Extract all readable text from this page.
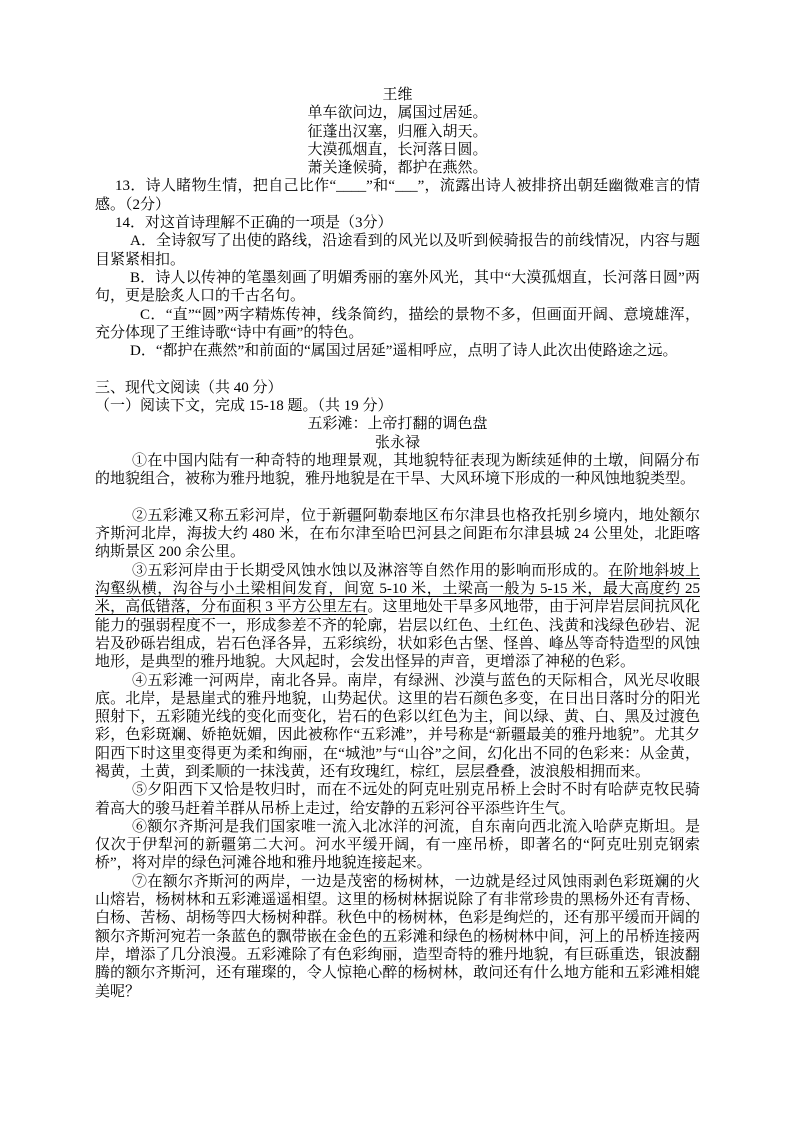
王维

单车欲问边，属国过居延。

征蓬出汉塞，归雁入胡天。

大漠孤烟直，长河落日圆。

萧关逢候骑，都护在燕然。

13．诗人睹物生情，把自己比作“____”和“___”，流露出诗人被排挤出朝廷幽微难言的情感。（2分）

14．对这首诗理解不正确的一项是（3分）

A．全诗叙写了出使的路线，沿途看到的风光以及听到候骑报告的前线情况，内容与题目紧紧相扣。

B．诗人以传神的笔墨刻画了明媚秀丽的塞外风光，其中“大漠孤烟直，长河落日圆”两句，更是脍炙人口的千古名句。

C．“直”“圆”两字精炼传神，线条简约，描绘的景物不多，但画面开阔、意境雄浑，充分体现了王维诗歌“诗中有画”的特色。

D．“都护在燕然”和前面的“属国过居延”遥相呼应，点明了诗人此次出使路途之远。

三、现代文阅读（共 40 分）

（一）阅读下文，完成 15-18 题。（共 19 分）

五彩滩：上帝打翻的调色盘

张永禄

①在中国内陆有一种奇特的地理景观，其地貌特征表现为断续延伸的土墩，间隔分布的地貌组合，被称为雅丹地貌，雅丹地貌是在干旱、大风环境下形成的一种风蚀地貌类型。

②五彩滩又称五彩河岸，位于新疆阿勒泰地区布尔津县也格孜托别乡境内，地处额尔齐斯河北岸，海拔大约 480 米，在布尔津至哈巴河县之间距布尔津县城 24 公里处，北距喀纳斯景区 200 余公里。

③五彩河岸由于长期受风蚀水蚀以及淋溶等自然作用的影响而形成的。在阶地斜坡上沟壑纵横，沟谷与小土梁相间发育，间宽 5-10 米，土梁高一般为 5-15 米，最大高度约 25 米，高低错落，分布面积 3 平方公里左右。这里地处干旱多风地带，由于河岸岩层间抗风化能力的强弱程度不一，形成参差不齐的轮廓，岩层以红色、土红色、浅黄和浅绿色砂岩、泥岩及砂砾岩组成，岩石色泽各异，五彩缤纷，状如彩色古堡、怪兽、峰丛等奇特造型的风蚀地形，是典型的雅丹地貌。大风起时，会发出怪异的声音，更增添了神秘的色彩。

④五彩滩一河两岸，南北各异。南岸，有绿洲、沙漠与蓝色的天际相合，风光尽收眼底。北岸，是悬崖式的雅丹地貌，山势起伏。这里的岩石颜色多变，在日出日落时分的阳光照射下，五彩随光线的变化而变化，岩石的色彩以红色为主，间以绿、黄、白、黑及过渡色彩，色彩斑斓、娇艳妩媚，因此被称作“五彩滩”，并号称是“新疆最美的雅丹地貌”。尤其夕阳西下时这里变得更为柔和绚丽，在“城池”与“山谷”之间，幻化出不同的色彩来：从金黄，褐黄，土黄，到柔顺的一抹浅黄，还有玫瑰红，棕红，层层叠叠，波浪般相拥而来。

⑤夕阳西下又恰是牧归时，而在不远处的阿克吐别克吊桥上会时不时有哈萨克牧民骑着高大的骏马赶着羊群从吊桥上走过，给安静的五彩河谷平添些许生气。

⑥额尔齐斯河是我们国家唯一流入北冰洋的河流，自东南向西北流入哈萨克斯坦。是仅次于伊犁河的新疆第二大河。河水平缓开阔，有一座吊桥，即著名的“阿克吐别克钢索桥”，将对岸的绿色河滩谷地和雅丹地貌连接起来。

⑦在额尔齐斯河的两岸，一边是茂密的杨树林，一边就是经过风蚀雨剥色彩斑斓的火山熔岩，杨树林和五彩滩遥遥相望。这里的杨树林据说除了有非常珍贵的黑杨外还有青杨、白杨、苦杨、胡杨等四大杨树种群。秋色中的杨树林，色彩是绚烂的，还有那平缓而开阔的额尔齐斯河宛若一条蓝色的飘带嵌在金色的五彩滩和绿色的杨树林中间，河上的吊桥连接两岸，增添了几分浪漫。五彩滩除了有色彩绚丽，造型奇特的雅丹地貌，有巨砾重迭，银波翻腾的额尔齐斯河，还有璀璨的，令人惊艳心醉的杨树林，敢问还有什么地方能和五彩滩相媲美呢？
